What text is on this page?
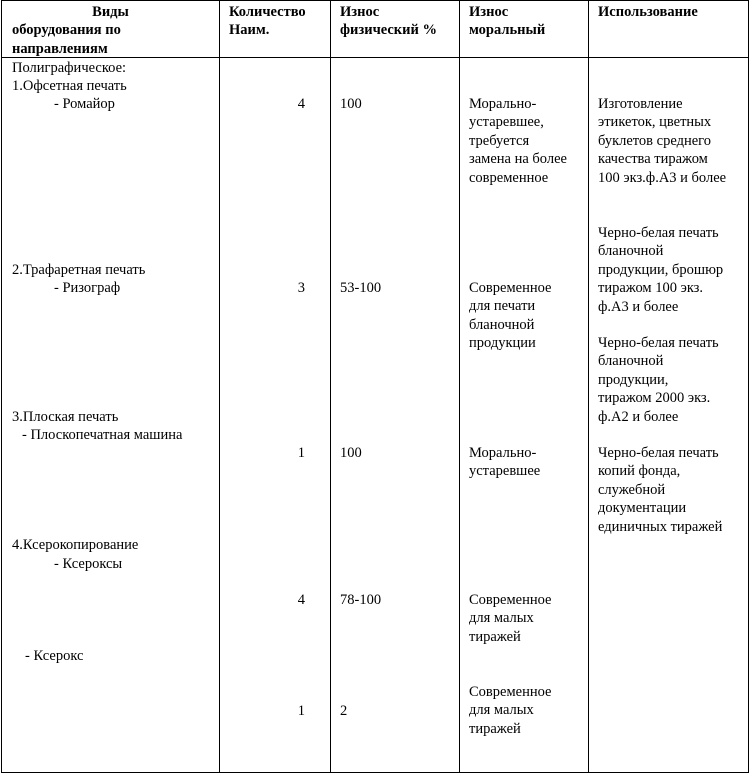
Виды
оборудования по
направлениям
Количество
Наим.
Износ
физический %
Износ
моральный
Использование
Полиграфическое:
1.Офсетная печать
- Ромайор
2.Трафаретная печать
- Ризограф
3.Плоская печать
- Плоскопечатная машина
4.Ксерокопирование
- Ксероксы
- Ксерокс
4
3
1
4
1
100
53-100
100
78-100
2
Морально-
устаревшее,
требуется
замена на более
современное
Современное
для печати
бланочной
продукции
Морально-
устаревшее
Современное
для малых
тиражей
Современное
для малых
тиражей
Изготовление
этикеток, цветных
буклетов среднего
качества тиражом
100 экз.ф.А3 и более
Черно-белая печать
бланочной
продукции, брошюр
тиражом 100 экз.
ф.А3 и более
Черно-белая печать
бланочной
продукции,
тиражом 2000 экз.
ф.А2 и более
Черно-белая печать
копий фонда,
служебной
документации
единичных тиражей
